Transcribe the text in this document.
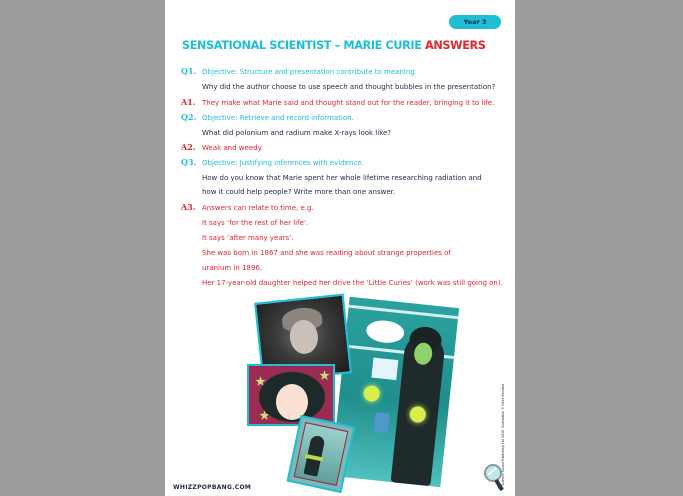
Year 3
SENSATIONAL SCIENTIST – MARIE CURIE ANSWERS
Q1. Objective: Structure and presentation contribute to meaning.
Why did the author choose to use speech and thought bubbles in the presentation?
A1. They make what Marie said and thought stand out for the reader, bringing it to life.
Q2. Objective: Retrieve and record information.
What did polonium and radium make X-rays look like?
A2. Weak and weedy.
Q3. Objective: Justifying inferences with evidence.
How do you know that Marie spent her whole lifetime researching radiation and
how it could help people? Write more than one answer.
A3. Answers can relate to time, e.g.
It says ‘for the rest of her life’.
It says ‘after many years’.
She was born in 1867 and she was reading about strange properties of
uranium in 1896.
Her 17-year-old daughter helped her drive the ‘Little Curies’ (work was still going on).
WHIZZPOPBANG.COM	© Science Squad Publishing Ltd 2018, illustration © Cinta Escobar
